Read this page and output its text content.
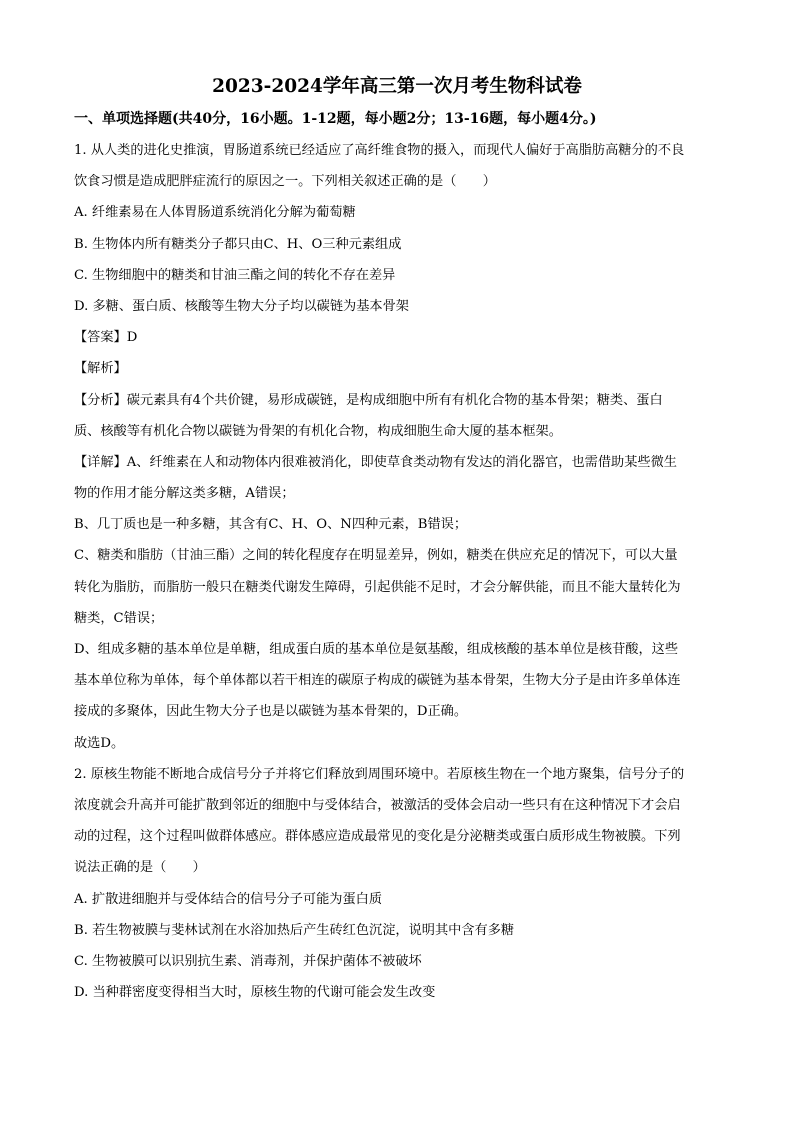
2023-2024学年高三第一次月考生物科试卷
一、单项选择题(共40分，16小题。1-12题，每小题2分；13-16题，每小题4分。)
1. 从人类的进化史推演，胃肠道系统已经适应了高纤维食物的摄入，而现代人偏好于高脂肪高糖分的不良
饮食习惯是造成肥胖症流行的原因之一。下列相关叙述正确的是（　　）
A. 纤维素易在人体胃肠道系统消化分解为葡萄糖
B. 生物体内所有糖类分子都只由C、H、O三种元素组成
C. 生物细胞中的糖类和甘油三酯之间的转化不存在差异
D. 多糖、蛋白质、核酸等生物大分子均以碳链为基本骨架
【答案】D
【解析】
【分析】碳元素具有4个共价键，易形成碳链，是构成细胞中所有有机化合物的基本骨架；糖类、蛋白
质、核酸等有机化合物以碳链为骨架的有机化合物，构成细胞生命大厦的基本框架。
【详解】A、纤维素在人和动物体内很难被消化，即使草食类动物有发达的消化器官，也需借助某些微生
物的作用才能分解这类多糖，A错误；
B、几丁质也是一种多糖，其含有C、H、O、N四种元素，B错误；
C、糖类和脂肪（甘油三酯）之间的转化程度存在明显差异，例如，糖类在供应充足的情况下，可以大量
转化为脂肪，而脂肪一般只在糖类代谢发生障碍，引起供能不足时，才会分解供能，而且不能大量转化为
糖类，C错误；
D、组成多糖的基本单位是单糖，组成蛋白质的基本单位是氨基酸，组成核酸的基本单位是核苷酸，这些
基本单位称为单体，每个单体都以若干相连的碳原子构成的碳链为基本骨架，生物大分子是由许多单体连
接成的多聚体，因此生物大分子也是以碳链为基本骨架的，D正确。
故选D。
2. 原核生物能不断地合成信号分子并将它们释放到周围环境中。若原核生物在一个地方聚集，信号分子的
浓度就会升高并可能扩散到邻近的细胞中与受体结合，被激活的受体会启动一些只有在这种情况下才会启
动的过程，这个过程叫做群体感应。群体感应造成最常见的变化是分泌糖类或蛋白质形成生物被膜。下列
说法正确的是（　　）
A. 扩散进细胞并与受体结合的信号分子可能为蛋白质
B. 若生物被膜与斐林试剂在水浴加热后产生砖红色沉淀，说明其中含有多糖
C. 生物被膜可以识别抗生素、消毒剂，并保护菌体不被破坏
D. 当种群密度变得相当大时，原核生物的代谢可能会发生改变
